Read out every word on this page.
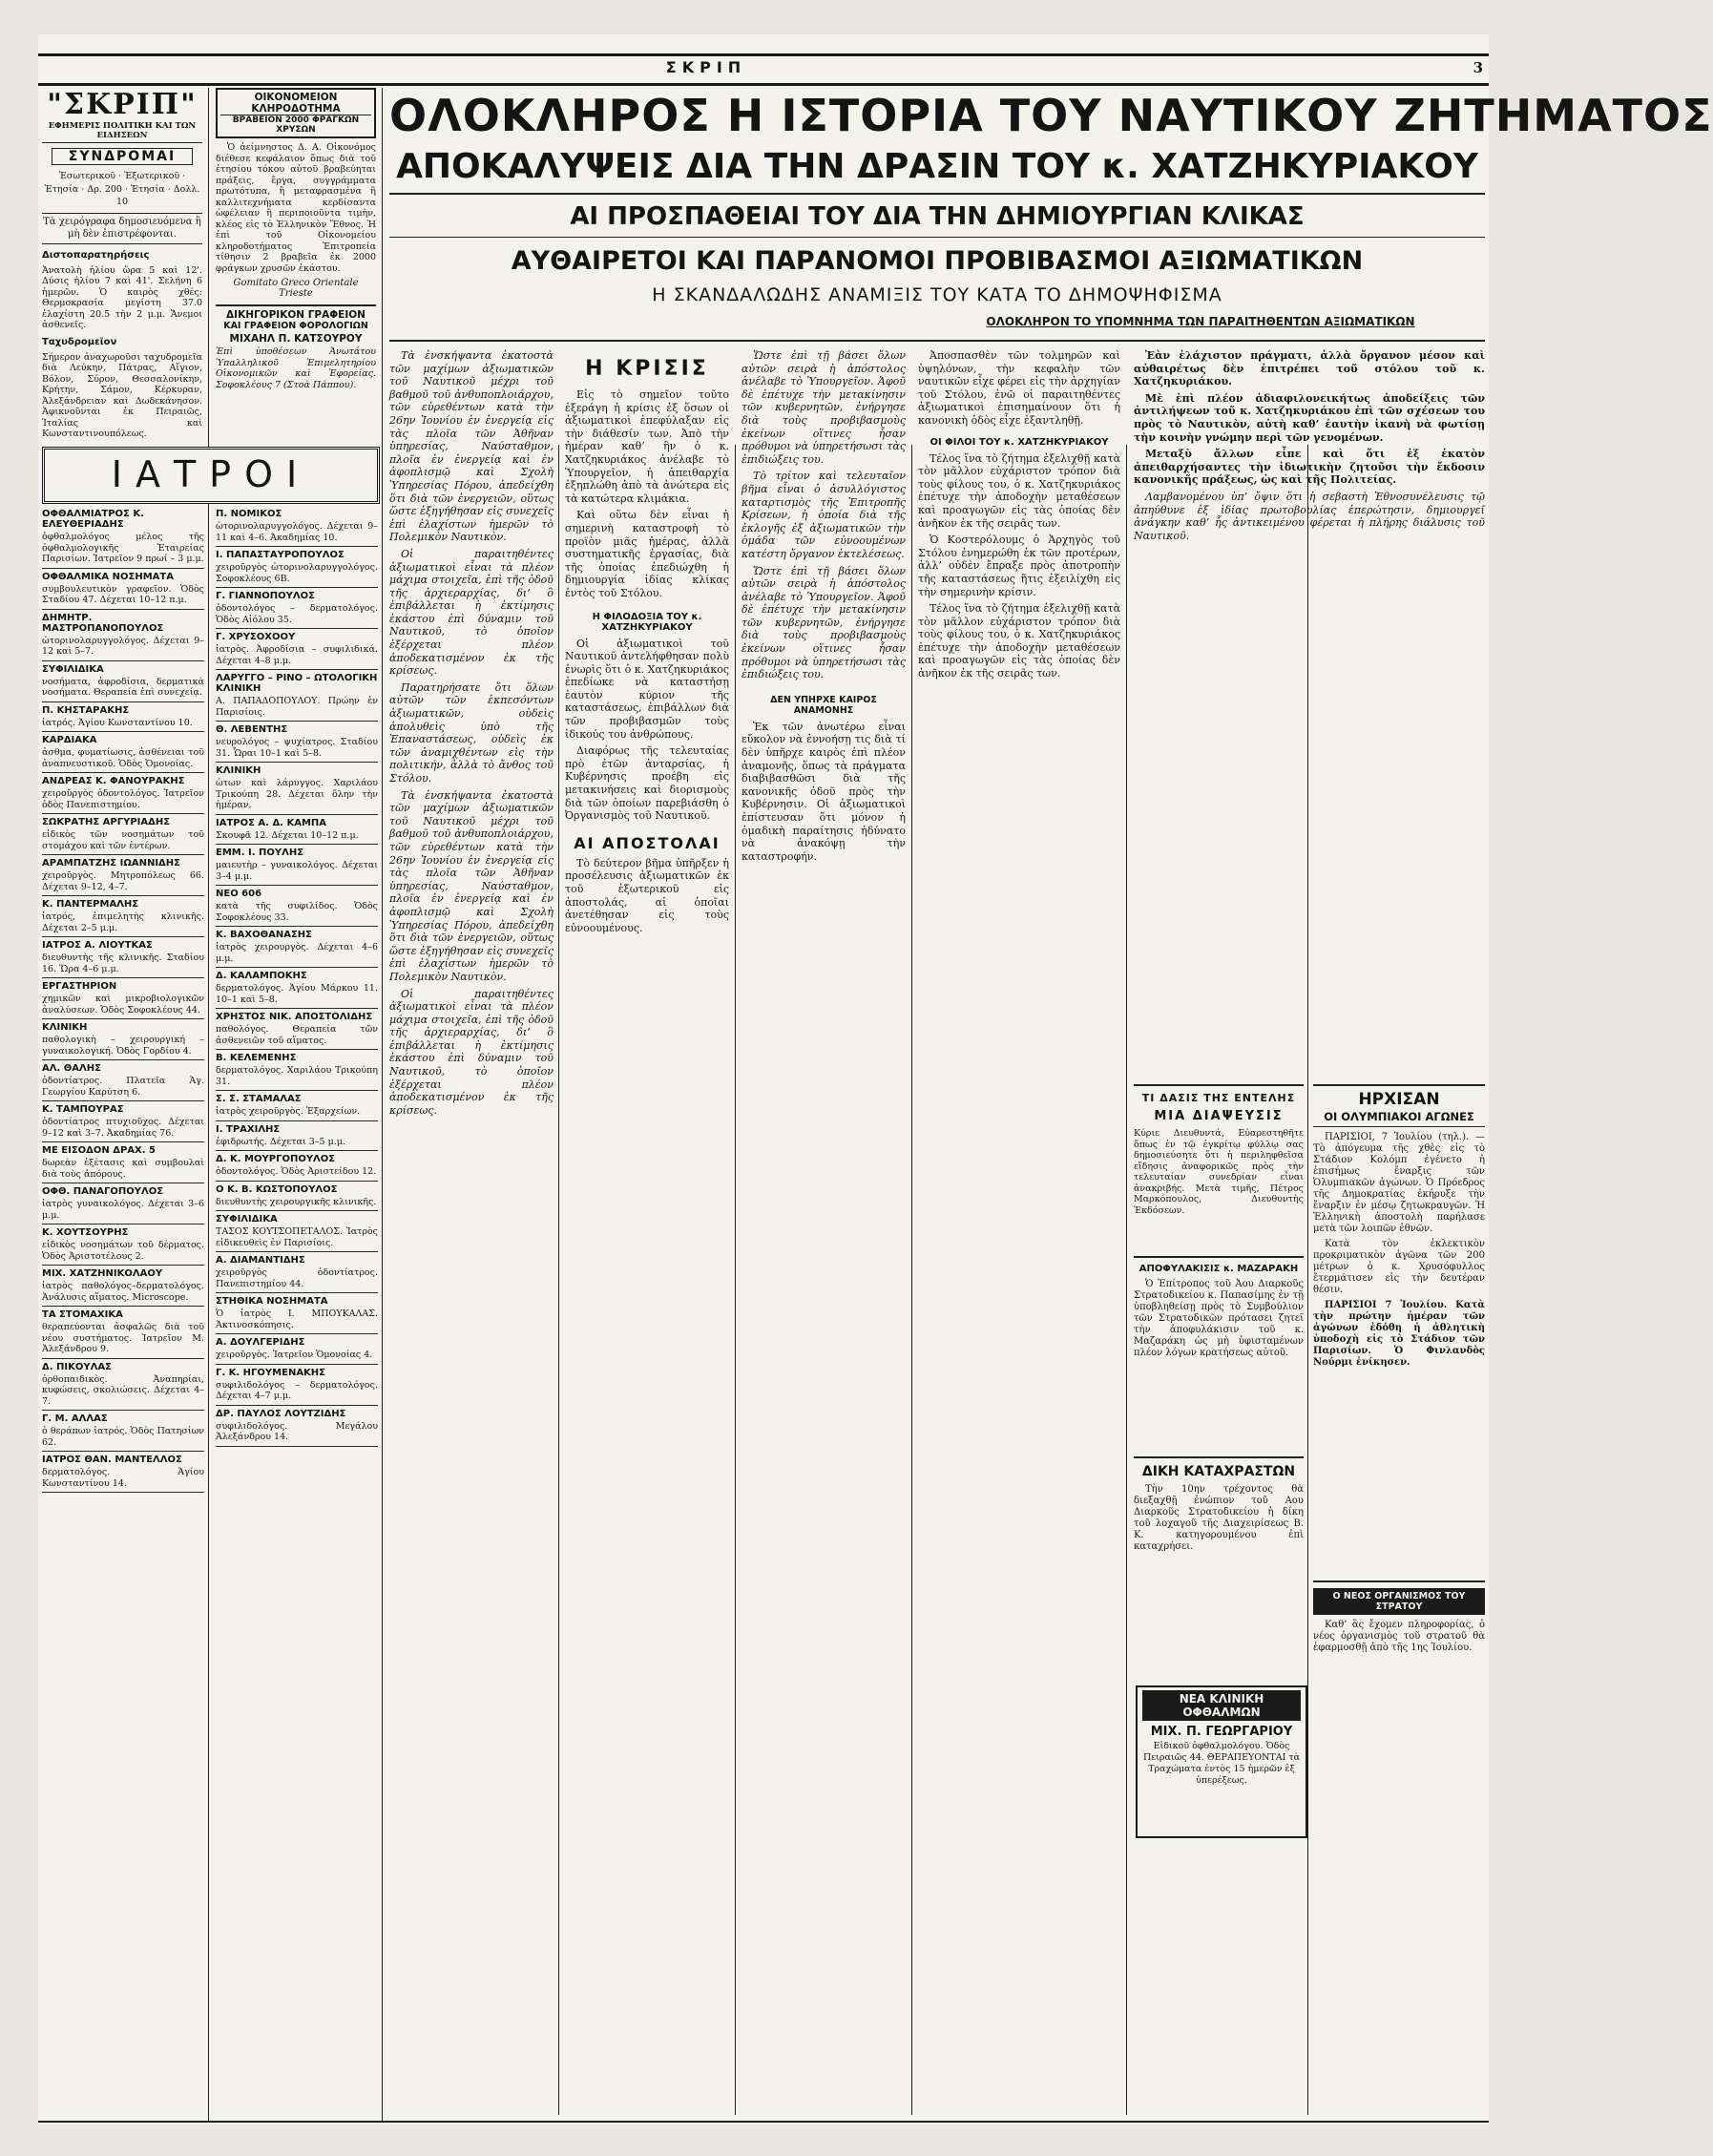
ΣΚΡΙΠ	3
"ΣΚΡΙΠ"
ΕΦΗΜΕΡΙΣ ΠΟΛΙΤΙΚΗ ΚΑΙ ΤΩΝ ΕΙΔΗΣΕΩΝ
ΣΥΝΔΡΟΜΑΙ

Ἐσωτερικοῦ · Ἐξωτερικοῦ · Ἐτησία · Δρ. 200 · Ἐτησία · Δολλ. 10

Τὰ χειρόγραφα δημοσιευόμενα ἢ μὴ δὲν ἐπιστρέφονται.

Διστοπαρατηρήσεις

Ἀνατολὴ ἡλίου ὥρα 5 καὶ 12'. Δύσις ἡλίου 7 καὶ 41'. Σελήνη 6 ἡμερῶν. Ὁ καιρὸς χθές: Θερμοκρασία μεγίστη 37.0 ἐλαχίστη 20.5 τὴν 2 μ.μ. Ἄνεμοι ἀσθενεῖς.

Ταχυδρομεῖον

Σήμερον ἀναχωροῦσι ταχυδρομεῖα διὰ Λεύκην, Πάτρας, Αἴγιον, Βόλον, Σύρον, Θεσσαλονίκην, Κρήτην, Σάμον, Κέρκυραν, Ἀλεξάνδρειαν καὶ Δωδεκάνησον. Ἀφικνοῦνται ἐκ Πειραιῶς, Ἰταλίας καὶ Κωνσταντινουπόλεως.

ΟΙΚΟΝΟΜΕΙΟΝ ΚΛΗΡΟΔΟΤΗΜΑ
ΒΡΑΒΕΙΟΝ 2000 ΦΡΑΓΚΩΝ ΧΡΥΣΩΝ

Ὁ ἀείμνηστος Δ. Α. Οἰκονόμος διέθεσε κεφάλαιον ὅπως διὰ τοῦ ἐτησίου τόκου αὐτοῦ βραβεύηται πράξεις, ἔργα, συγγράμματα πρωτότυπα, ἢ μεταφρασμένα ἢ καλλιτεχνήματα κερδίσαντα ὠφέλειαν ἢ περιποιοῦντα τιμὴν, κλέος εἰς τὸ Ἑλληνικὸν Ἔθνος. Ἡ ἐπὶ τοῦ Οἰκονομείου κληροδοτήματος Ἐπιτροπεία τίθησιν 2 βραβεῖα ἐκ 2000 φράγκων χρυσῶν ἑκάστου.

Gomitato Greco Orientale
Trieste
ΔΙΚΗΓΟΡΙΚΟΝ ΓΡΑΦΕΙΟΝ
ΚΑΙ ΓΡΑΦΕΙΟΝ ΦΟΡΟΛΟΓΙΩΝ
ΜΙΧΑΗΛ Π. ΚΑΤΣΟΥΡΟΥ

Ἐπὶ ὑποθέσεων Ἀνωτάτου Ὑπαλληλικοῦ Ἐπιμελητηρίου Οἰκονομικῶν καὶ Ἐφορείας. Σοφοκλέους 7 (Στοὰ Πάππου).

ΙΑΤΡΟΙ
ΟΦΘΑΛΜΙΑΤΡΟΣ Κ. ΕΛΕΥΘΕΡΙΑΔΗΣ
ὀφθαλμολόγος μέλος τῆς ὀφθαλμολογικῆς Ἑταιρείας Παρισίων. Ἰατρεῖον 9 πρωί – 3 μ.μ.
ΟΦΘΑΛΜΙΚΑ ΝΟΣΗΜΑΤΑ
συμβουλευτικὸν γραφεῖον. Ὁδὸς Σταδίου 47. Δέχεται 10–12 π.μ.
ΔΗΜΗΤΡ. ΜΑΣΤΡΟΠΑΝΟΠΟΥΛΟΣ
ὠτορινολαρυγγολόγος. Δέχεται 9–12 καὶ 5–7.
ΣΥΦΙΛΙΔΙΚΑ
νοσήματα, ἀφροδίσια, δερματικὰ νοσήματα. Θεραπεία ἐπὶ συνεχείᾳ.
Π. ΚΗΣΤΑΡΑΚΗΣ
ἰατρός. Ἀγίου Κωνσταντίνου 10.
ΚΑΡΔΙΑΚΑ
ἀσθμα, φυματίωσις, ἀσθένειαι τοῦ ἀναπνευστικοῦ. Ὁδὸς Ὁμονοίας.
ΑΝΔΡΕΑΣ Κ. ΦΑΝΟΥΡΑΚΗΣ
χειροῦργὸς ὀδοντολόγος. Ἰατρεῖον ὁδὸς Πανεπιστημίου.
ΣΩΚΡΑΤΗΣ ΑΡΓΥΡΙΑΔΗΣ
εἰδικὸς τῶν νοσημάτων τοῦ στομάχου καὶ τῶν ἐντέρων.
ΑΡΑΜΠΑΤΖΗΣ ΙΩΑΝΝΙΔΗΣ
χειροῦργὸς. Μητροπόλεως 66. Δέχεται 9–12, 4–7.
Κ. ΠΑΝΤΕΡΜΑΛΗΣ
ἰατρός, ἐπιμελητὴς κλινικῆς. Δέχεται 2–5 μ.μ.
ΙΑΤΡΟΣ Α. ΛΙΟΥΤΚΑΣ
διευθυντὴς τῆς κλινικῆς. Σταδίου 16. Ὥρα 4–6 μ.μ.
ΕΡΓΑΣΤΗΡΙΟΝ
χημικῶν καὶ μικροβιολογικῶν ἀναλύσεων. Ὁδὸς Σοφοκλέους 44.
ΚΛΙΝΙΚΗ
παθολογικὴ – χειρουργική – γυναικολογική. Ὁδὸς Γορδίου 4.
ΑΛ. ΘΑΛΗΣ
ὀδοντίατρος. Πλατεῖα Ἁγ. Γεωργίου Καρύτση 6.
Κ. ΤΑΜΠΟΥΡΑΣ
ὀδοντίατρος πτυχιοῦχος. Δέχεται 9–12 καὶ 3–7. Ἀκαδημίας 76.
ΜΕ ΕΙΣΟΔΟΝ ΔΡΑΧ. 5
δωρεὰν ἐξέτασις καὶ συμβουλαὶ διὰ τοὺς ἀπόρους.
ΟΦΘ. ΠΑΝΑΓΟΠΟΥΛΟΣ
ἰατρὸς γυναικολόγος. Δέχεται 3–6 μ.μ.
Κ. ΧΟΥΤΣΟΥΡΗΣ
εἰδικὸς νοσημάτων τοῦ δέρματος. Ὁδὸς Ἀριστοτέλους 2.
ΜΙΧ. ΧΑΤΖΗΝΙΚΟΛΑΟΥ
ἰατρὸς παθολόγος–δερματολόγος. Ἀνάλυσις αἵματος. Microscope.
ΤΑ ΣΤΟΜΑΧΙΚΑ
θεραπεύονται ἀσφαλῶς διὰ τοῦ νέου συστήματος. Ἰατρεῖον Μ. Ἀλεξάνδρου 9.
Δ. ΠΙΚΟΥΛΑΣ
ὀρθοπαιδικὸς. Ἀναπηρίαι, κυφώσεις, σκολιώσεις. Δέχεται 4–7.
Γ. Μ. ΑΛΛΑΣ
ὁ θεράπων ἰατρός. Ὁδὸς Πατησίων 62.
ΙΑΤΡΟΣ ΘΑΝ. ΜΑΝΤΕΛΛΟΣ
δερματολόγος. Ἁγίου Κωνσταντίνου 14.
Π. ΝΟΜΙΚΟΣ
ὠτορινολαρυγγολόγος. Δέχεται 9–11 καὶ 4–6. Ἀκαδημίας 10.
Ι. ΠΑΠΑΣΤΑΥΡΟΠΟΥΛΟΣ
χειροῦργὸς ὠτορινολαρυγγολόγος. Σοφοκλέους 6Β.
Γ. ΓΙΑΝΝΟΠΟΥΛΟΣ
ὀδοντολόγος – δερματολόγος. Ὁδὸς Αἰόλου 35.
Γ. ΧΡΥΣΟΧΟΟΥ
ἰατρὸς. Ἀφροδίσια – συφιλιδικά. Δέχεται 4–8 μ.μ.
ΛΑΡΥΓΓΟ – ΡΙΝΟ – ΩΤΟΛΟΓΙΚΗ ΚΛΙΝΙΚΗ
Α. ΠΑΠΑΔΟΠΟΥΛΟΥ. Πρώην ἐν Παρισίοις.
Θ. ΛΕΒΕΝΤΗΣ
νευρολόγος – ψυχίατρος. Σταδίου 31. Ὧραι 10–1 καὶ 5–8.
ΚΛΙΝΙΚΗ
ὠτων καὶ λάρυγγος. Χαριλάου Τρικούπη 28. Δέχεται ὅλην τὴν ἡμέραν.
ΙΑΤΡΟΣ Α. Δ. ΚΑΜΠΑ
Σκουφᾶ 12. Δέχεται 10–12 π.μ.
ΕΜΜ. Ι. ΠΟΥΛΗΣ
μαιευτὴρ – γυναικολόγος. Δέχεται 3–4 μ.μ.
ΝΕΟ 606
κατὰ τῆς συφιλίδος. Ὁδὸς Σοφοκλέους 33.
Κ. ΒΑΧΟΘΑΝΑΣΗΣ
ἰατρὸς χειρουργὸς. Δέχεται 4–6 μ.μ.
Δ. ΚΑΛΑΜΠΟΚΗΣ
δερματολόγος. Ἀγίου Μάρκου 11. 10–1 καὶ 5–8.
ΧΡΗΣΤΟΣ ΝΙΚ. ΑΠΟΣΤΟΛΙΔΗΣ
παθολόγος. Θεραπεία τῶν ἀσθενειῶν τοῦ αἵματος.
Β. ΚΕΛΕΜΕΝΗΣ
δερματολόγος. Χαριλάου Τρικούπη 31.
Σ. Σ. ΣΤΑΜΑΛΑΣ
ἰατρὸς χειροῦργὸς. Ἐξαρχείων.
Ι. ΤΡΑΧΙΛΗΣ
ἐφιδρωτής. Δέχεται 3–5 μ.μ.
Δ. Κ. ΜΟΥΡΓΟΠΟΥΛΟΣ
ὀδοντολόγος. Ὁδὸς Ἀριστείδου 12.
Ο Κ. Β. ΚΩΣΤΟΠΟΥΛΟΣ
διευθυντὴς χειρουργικῆς κλινικῆς.
ΣΥΦΙΛΙΔΙΚΑ
ΤΑΣΟΣ ΚΟΥΤΣΟΠΕΤΑΛΟΣ. Ἰατρὸς εἰδικευθεὶς ἐν Παρισίοις.
Α. ΔΙΑΜΑΝΤΙΔΗΣ
χειροῦργὸς ὀδοντίατρος. Πανεπιστημίου 44.
ΣΤΗΘΙΚΑ ΝΟΣΗΜΑΤΑ
Ὁ ἰατρὸς Ι. ΜΠΟΥΚΑΛΑΣ. Ἀκτινοσκόπησις.
Α. ΔΟΥΛΓΕΡΙΔΗΣ
χειροῦργὸς. Ἰατρεῖον Ὁμονοίας 4.
Γ. Κ. ΗΓΟΥΜΕΝΑΚΗΣ
συφιλιδολόγος – δερματολόγος. Δέχεται 4–7 μ.μ.
ΔΡ. ΠΑΥΛΟΣ ΛΟΥΤΖΙΔΗΣ
συφιλιδολόγος. Μεγάλου Ἀλεξάνδρου 14.
ΟΛΟΚΛΗΡΟΣ Η ΙΣΤΟΡΙΑ ΤΟΥ ΝΑΥΤΙΚΟΥ ΖΗΤΗΜΑΤΟΣ
ΑΠΟΚΑΛΥΨΕΙΣ ΔΙΑ ΤΗΝ ΔΡΑΣΙΝ ΤΟΥ κ. ΧΑΤΖΗΚΥΡΙΑΚΟΥ
ΑΙ ΠΡΟΣΠΑΘΕΙΑΙ ΤΟΥ ΔΙΑ ΤΗΝ ΔΗΜΙΟΥΡΓΙΑΝ ΚΛΙΚΑΣ
ΑΥΘΑΙΡΕΤΟΙ ΚΑΙ ΠΑΡΑΝΟΜΟΙ ΠΡΟΒΙΒΑΣΜΟΙ ΑΞΙΩΜΑΤΙΚΩΝ
Η ΣΚΑΝΔΑΛΩΔΗΣ ΑΝΑΜΙΞΙΣ ΤΟΥ ΚΑΤΑ ΤΟ ΔΗΜΟΨΗΦΙΣΜΑ
ΟΛΟΚΛΗΡΟΝ ΤΟ ΥΠΟΜΝΗΜΑ ΤΩΝ ΠΑΡΑΙΤΗΘΕΝΤΩΝ ΑΞΙΩΜΑΤΙΚΩΝ

Τὰ ἐνσκήψαντα ἐκατοστὰ τῶν μαχίμων ἀξιωματικῶν τοῦ Ναυτικοῦ μέχρι τοῦ βαθμοῦ τοῦ ἀνθυποπλοιάρχου, τῶν εὑρεθέντων κατὰ τὴν 26ην Ἰουνίου ἐν ἐνεργείᾳ εἰς τὰς πλοῖα τῶν Ἀθῆναν ὑπηρεσίας, Ναύσταθμον, πλοῖα ἐν ἐνεργείᾳ καὶ ἐν ἀφοπλισμῷ καὶ Σχολὴ Ὑπηρεσίας Πόρου, ἀπεδείχθη ὅτι διὰ τῶν ἐνεργειῶν, οὕτως ὥστε ἐξηγήθησαν εἰς συνεχεῖς ἐπὶ ἐλαχίστων ἡμερῶν τὸ Πολεμικὸν Ναυτικὸν.

Οἱ παραιτηθέντες ἀξιωματικοὶ εἶναι τὰ πλέον μάχιμα στοιχεῖα, ἐπὶ τῆς ὁδοῦ τῆς ἀρχιεραρχίας, δι’ ὃ ἐπιβάλλεται ἡ ἐκτίμησις ἑκάστου ἐπὶ δύναμιν τοῦ Ναυτικοῦ, τὸ ὁποῖον ἐξέρχεται πλέον ἀποδεκατισμένον ἐκ τῆς κρίσεως.

Παρατηρήσατε ὅτι ὅλων αὐτῶν τῶν ἐκπεσόντων ἀξιωματικῶν, οὐδεὶς ἀπολυθεὶς ὑπὸ τῆς Ἐπαναστάσεως, οὐδεὶς ἐκ τῶν ἀναμιχθέντων εἰς τὴν πολιτικήν, ἀλλὰ τὸ ἄνθος τοῦ Στόλου.

Τὰ ἐνσκήψαντα ἐκατοστὰ τῶν μαχίμων ἀξιωματικῶν τοῦ Ναυτικοῦ μέχρι τοῦ βαθμοῦ τοῦ ἀνθυποπλοιάρχου, τῶν εὑρεθέντων κατὰ τὴν 26ην Ἰουνίου ἐν ἐνεργείᾳ εἰς τὰς πλοῖα τῶν Ἀθῆναν ὑπηρεσίας, Ναύσταθμον, πλοῖα ἐν ἐνεργείᾳ καὶ ἐν ἀφοπλισμῷ καὶ Σχολὴ Ὑπηρεσίας Πόρου, ἀπεδείχθη ὅτι διὰ τῶν ἐνεργειῶν, οὕτως ὥστε ἐξηγήθησαν εἰς συνεχεῖς ἐπὶ ἐλαχίστων ἡμερῶν τὸ Πολεμικὸν Ναυτικὸν.

Οἱ παραιτηθέντες ἀξιωματικοὶ εἶναι τὰ πλέον μάχιμα στοιχεῖα, ἐπὶ τῆς ὁδοῦ τῆς ἀρχιεραρχίας, δι’ ὃ ἐπιβάλλεται ἡ ἐκτίμησις ἑκάστου ἐπὶ δύναμιν τοῦ Ναυτικοῦ, τὸ ὁποῖον ἐξέρχεται πλέον ἀποδεκατισμένον ἐκ τῆς κρίσεως.

Η ΚΡΙΣΙΣ

Εἰς τὸ σημεῖον τοῦτο ἐξεράγη ἡ κρίσις ἐξ ὅσων οἱ ἀξιωματικοὶ ἐπεφύλαξαν εἰς τὴν διάθεσίν των. Ἀπὸ τὴν ἡμέραν καθ’ ἣν ὁ κ. Χατζηκυριάκος ἀνέλαβε τὸ Ὑπουργεῖον, ἡ ἀπειθαρχία ἐξηπλώθη ἀπὸ τὰ ἀνώτερα εἰς τὰ κατώτερα κλιμάκια.

Καὶ οὕτω δὲν εἶναι ἡ σημερινὴ καταστροφὴ τὸ προϊὸν μιᾶς ἡμέρας, ἀλλὰ συστηματικῆς ἐργασίας, διὰ τῆς ὁποίας ἐπεδιώχθη ἡ δημιουργία ἰδίας κλίκας ἐντὸς τοῦ Στόλου.

Η ΦΙΛΟΔΟΞΙΑ ΤΟΥ κ. ΧΑΤΖΗΚΥΡΙΑΚΟΥ

Οἱ ἀξιωματικοὶ τοῦ Ναυτικοῦ ἀντελήφθησαν πολὺ ἐνωρὶς ὅτι ὁ κ. Χατζηκυριάκος ἐπεδίωκε νὰ καταστήσῃ ἑαυτὸν κύριον τῆς καταστάσεως, ἐπιβάλλων διὰ τῶν προβιβασμῶν τοὺς ἰδικούς του ἀνθρώπους.

Διαφόρως τῆς τελευταίας πρὸ ἐτῶν ἀνταρσίας, ἡ Κυβέρνησις προέβη εἰς μετακινήσεις καὶ διορισμοὺς διὰ τῶν ὁποίων παρεβιάσθη ὁ Ὀργανισμὸς τοῦ Ναυτικοῦ.

ΑΙ ΑΠΟΣΤΟΛΑΙ

Τὸ δεύτερον βῆμα ὑπῆρξεν ἡ προσέλευσις ἀξιωματικῶν ἐκ τοῦ ἐξωτερικοῦ εἰς ἀποστολάς, αἱ ὁποῖαι ἀνετέθησαν εἰς τοὺς εὐνοουμένους.

Ὥστε ἐπὶ τῇ βάσει ὅλων αὐτῶν σειρὰ ἡ ἀπόστολος ἀνέλαβε τὸ Ὑπουργεῖον. Ἀφοῦ δὲ ἐπέτυχε τὴν μετακίνησιν τῶν κυβερνητῶν, ἐνήργησε διὰ τοὺς προβιβασμοὺς ἐκείνων οἵτινες ἦσαν πρόθυμοι νὰ ὑπηρετήσωσι τὰς ἐπιδιώξεις του.

Τὸ τρίτον καὶ τελευταῖον βῆμα εἶναι ὁ ἀσυλλόγιστος καταρτισμὸς τῆς Ἐπιτροπῆς Κρίσεων, ἡ ὁποία διὰ τῆς ἐκλογῆς ἐξ ἀξιωματικῶν τὴν ὁμάδα τῶν εὐνοουμένων κατέστη ὄργανον ἐκτελέσεως.

Ὥστε ἐπὶ τῇ βάσει ὅλων αὐτῶν σειρὰ ἡ ἀπόστολος ἀνέλαβε τὸ Ὑπουργεῖον. Ἀφοῦ δὲ ἐπέτυχε τὴν μετακίνησιν τῶν κυβερνητῶν, ἐνήργησε διὰ τοὺς προβιβασμοὺς ἐκείνων οἵτινες ἦσαν πρόθυμοι νὰ ὑπηρετήσωσι τὰς ἐπιδιώξεις του.

ΔΕΝ ΥΠΗΡΧΕ ΚΑΙΡΟΣ ΑΝΑΜΟΝΗΣ

Ἐκ τῶν ἀνωτέρω εἶναι εὔκολον νὰ ἐννοήσῃ τις διὰ τί δὲν ὑπῆρχε καιρὸς ἐπὶ πλέον ἀναμονῆς, ὅπως τὰ πράγματα διαβιβασθῶσι διὰ τῆς κανονικῆς ὁδοῦ πρὸς τὴν Κυβέρνησιν. Οἱ ἀξιωματικοὶ ἐπίστευσαν ὅτι μόνον ἡ ὁμαδικὴ παραίτησις ἠδύνατο νὰ ἀνακόψῃ τὴν καταστροφήν.

Ἀποσπασθὲν τῶν τολμηρῶν καὶ ὑψηλόνων, τὴν κεφαλὴν τῶν ναυτικῶν εἶχε φέρει εἰς τὴν ἀρχηγίαν τοῦ Στόλου, ἐνῶ οἱ παραιτηθέντες ἀξιωματικοὶ ἐπισημαίνουν ὅτι ἡ κανονικὴ ὁδὸς εἶχε ἐξαντληθῇ.

ΟΙ ΦΙΛΟΙ ΤΟΥ κ. ΧΑΤΖΗΚΥΡΙΑΚΟΥ

Τέλος ἵνα τὸ ζήτημα ἐξελιχθῇ κατὰ τὸν μᾶλλον εὐχάριστον τρόπον διὰ τοὺς φίλους του, ὁ κ. Χατζηκυριάκος ἐπέτυχε τὴν ἀποδοχὴν μεταθέσεων καὶ προαγωγῶν εἰς τὰς ὁποίας δὲν ἀνῆκον ἐκ τῆς σειρᾶς των.

Ὁ Κοστερόλουμς ὁ Ἀρχηγὸς τοῦ Στόλου ἐνημερώθη ἐκ τῶν προτέρων, ἀλλ’ οὐδὲν ἔπραξε πρὸς ἀποτροπὴν τῆς καταστάσεως ἥτις ἐξειλίχθη εἰς τὴν σημερινὴν κρίσιν.

Τέλος ἵνα τὸ ζήτημα ἐξελιχθῇ κατὰ τὸν μᾶλλον εὐχάριστον τρόπον διὰ τοὺς φίλους του, ὁ κ. Χατζηκυριάκος ἐπέτυχε τὴν ἀποδοχὴν μεταθέσεων καὶ προαγωγῶν εἰς τὰς ὁποίας δὲν ἀνῆκον ἐκ τῆς σειρᾶς των.

Ἐὰν ἐλάχιστον πράγματι, ἀλλὰ ὄργανον μέσον καὶ αὐθαιρέτως δὲν ἐπιτρέπει τοῦ στόλου τοῦ κ. Χατζηκυριάκου.

Μὲ ἐπὶ πλέον ἀδιαφιλονεικήτως ἀποδείξεις τῶν ἀντιλήψεων τοῦ κ. Χατζηκυριάκου ἐπὶ τῶν σχέσεων του πρὸς τὸ Ναυτικὸν, αὐτὴ καθ’ ἑαυτὴν ἱκανὴ νὰ φωτίσῃ τὴν κοινὴν γνώμην περὶ τῶν γενομένων.

Μεταξὺ ἄλλων εἶπε καὶ ὅτι ἐξ ἑκατὸν ἀπειθαρχήσαντες τὴν ἰδιωτικὴν ζητοῦσι τὴν ἔκδοσιν κανονικῆς πράξεως, ὡς καὶ τῆς Πολιτείας.

Λαμβανομένου ὑπ’ ὄψιν ὅτι ἡ σεβαστὴ Ἐθνοσυνέλευσις τῷ ἀπηύθυνε ἐξ ἰδίας πρωτοβουλίας ἐπερώτησιν, δημιουργεῖ ἀνάγκην καθ’ ἧς ἀντικειμένου φέρεται ἡ πλήρης διάλυσις τοῦ Ναυτικοῦ.

ΤΙ ΔΑΣΙΣ ΤΗΣ ΕΝΤΕΛΗΣ
ΜΙΑ ΔΙΑΨΕΥΣΙΣ

Κύριε Διευθυντά, Εὐαρεστηθῆτε ὅπως ἐν τῷ ἐγκρίτῳ φύλλῳ σας δημοσιεύσητε ὅτι ἡ περιληφθεῖσα εἴδησις ἀναφορικῶς πρὸς τὴν τελευταίαν συνεδρίαν εἶναι ἀνακριβής. Μετὰ τιμῆς, Πέτρος Μαρκόπουλος, Διευθυντὴς Ἐκδόσεων.

ΗΡΧΙΣΑΝ
ΟΙ ΟΛΥΜΠΙΑΚΟΙ ΑΓΩΝΕΣ

ΠΑΡΙΣΙΟΙ, 7 Ἰουλίου (τηλ.). — Τὸ ἀπόγευμα τῆς χθὲς εἰς τὸ Στάδιον Κολόμπ ἐγένετο ἡ ἐπισήμως ἔναρξις τῶν Ὀλυμπιακῶν ἀγώνων. Ὁ Πρόεδρος τῆς Δημοκρατίας ἐκήρυξε τὴν ἔναρξιν ἐν μέσῳ ζητωκραυγῶν. Ἡ Ἑλληνικὴ ἀποστολὴ παρήλασε μετὰ τῶν λοιπῶν ἐθνῶν.

Κατὰ τὸν ἐκλεκτικὸν προκριματικὸν ἀγῶνα τῶν 200 μέτρων ὁ κ. Χρυσόφυλλος ἔτερμάτισεν εἰς τὴν δευτέραν θέσιν.

ΠΑΡΙΣΙΟΙ 7 Ἰουλίου. Κατὰ τὴν πρώτην ἡμέραν τῶν ἀγώνων ἐδόθη ἡ ἀθλητικὴ ὑποδοχὴ εἰς τὸ Στάδιον τῶν Παρισίων. Ὁ Φινλανδὸς Νούρμι ἐνίκησεν.

ΑΠΟΦΥΛΑΚΙΣΙΣ κ. ΜΑΖΑΡΑΚΗ

Ὁ Ἐπίτροπος τοῦ Ἀου Διαρκοῦς Στρατοδικείου κ. Παπασίμης ἐν τῇ ὑποβληθείσῃ πρὸς τὸ Συμβούλιον τῶν Στρατοδικῶν πρότασει ζητεῖ τὴν ἀποφυλάκισιν τοῦ κ. Μαζαράκη ὡς μὴ ὑφισταμένων πλέον λόγων κρατήσεως αὐτοῦ.

ΔΙΚΗ ΚΑΤΑΧΡΑΣΤΩΝ

Τὴν 10ην τρέχοντος θὰ διεξαχθῇ ἐνώπιον τοῦ Αου Διαρκοῦς Στρατοδικείου ἡ δίκη τοῦ λοχαγοῦ τῆς Διαχειρίσεως Β. Κ. κατηγορουμένου ἐπὶ καταχρήσει.

ΝΕΑ ΚΛΙΝΙΚΗ ΟΦΘΑΛΜΩΝ
ΜΙΧ. Π. ΓΕΩΡΓΑΡΙΟΥ
Εἰδικοῦ ὀφθαλμολόγου. Ὁδὸς Πειραιῶς 44. ΘΕΡΑΠΕΥΟΝΤΑΙ τὰ Τραχώματα ἐντὸς 15 ἡμερῶν ἐξ ὑπερέξεως.
Ο ΝΕΟΣ ΟΡΓΑΝΙΣΜΟΣ ΤΟΥ ΣΤΡΑΤΟΥ

Καθ’ ἃς ἔχομεν πληροφορίας, ὁ νέος ὀργανισμὸς τοῦ στρατοῦ θὰ ἐφαρμοσθῇ ἀπὸ τῆς 1ης Ἰουλίου.
